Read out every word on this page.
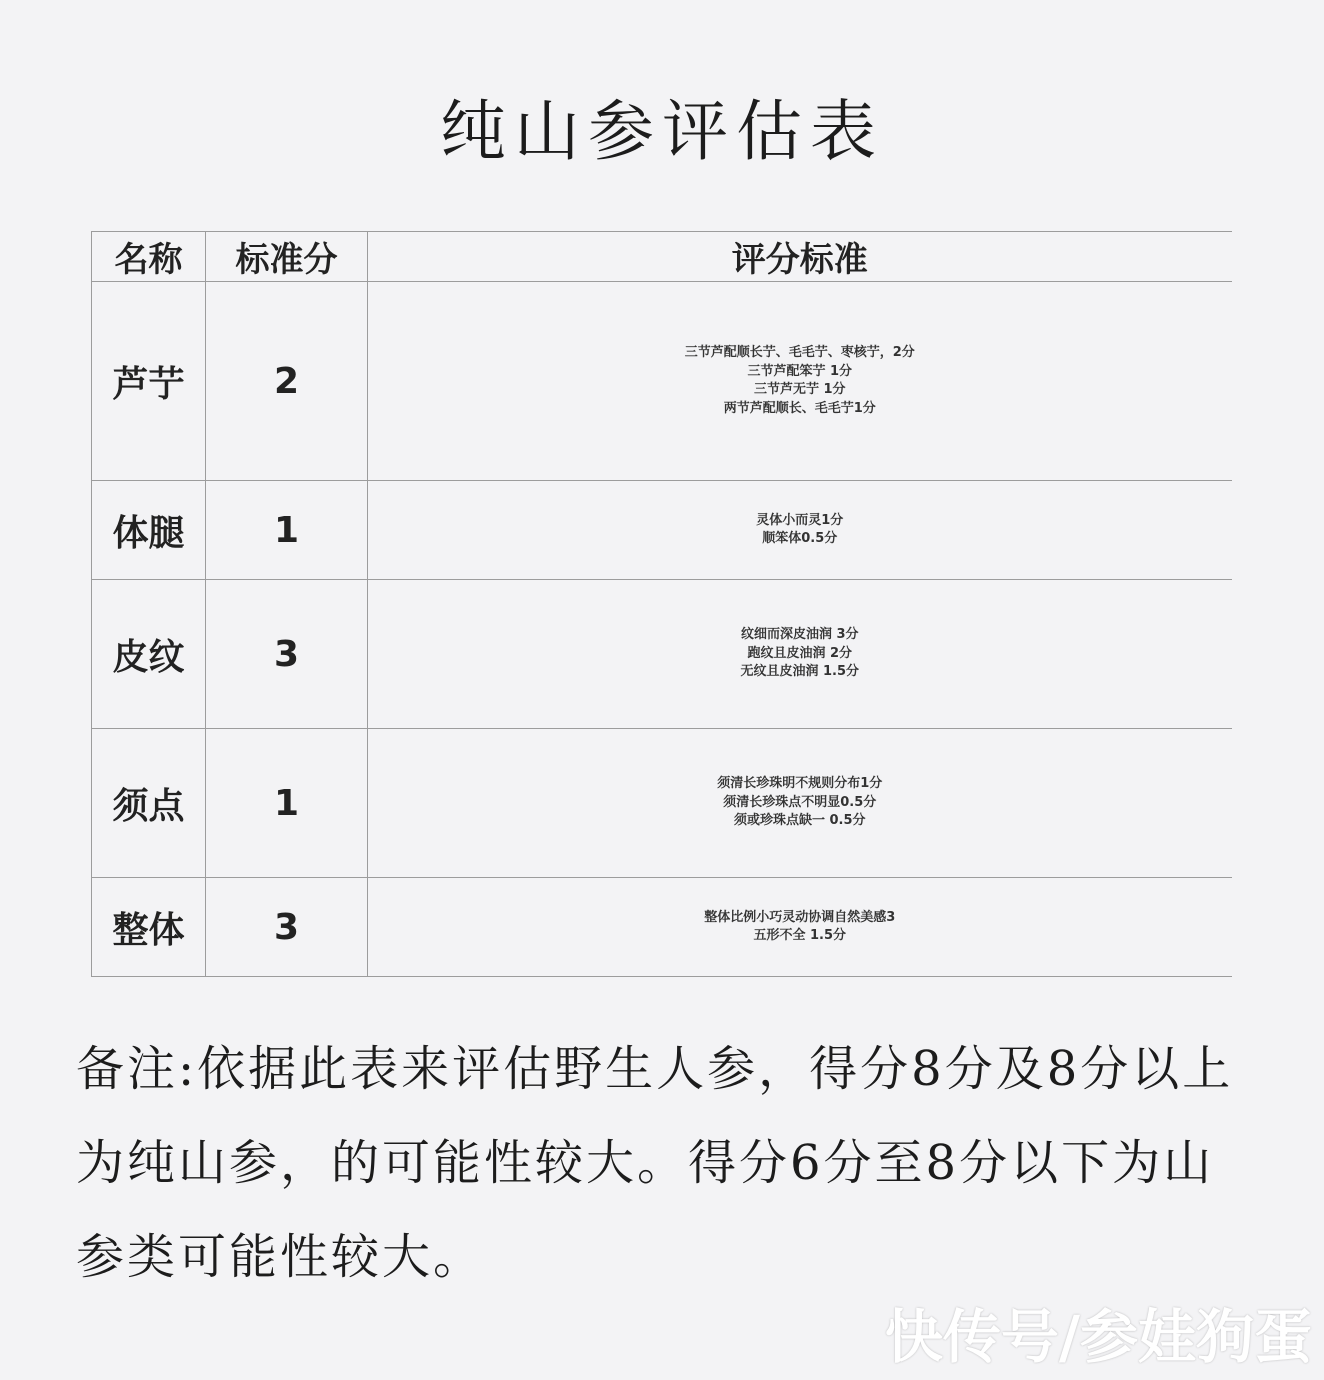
纯山参评估表
名称	标准分	评分标准
芦艼	2	三节芦配顺长艼、毛毛艼、枣核艼，2分
三节芦配笨艼 1分
三节芦无艼 1分
两节芦配顺长、毛毛艼1分

体腿	1	灵体小而灵1分
顺笨体0.5分

皮纹	3	纹细而深皮油润 3分
跑纹且皮油润 2分
无纹且皮油润 1.5分

须点	1	须清长珍珠明不规则分布1分
须清长珍珠点不明显0.5分
须或珍珠点缺一 0.5分

整体	3	整体比例小巧灵动协调自然美感3
五形不全 1.5分
备注:依据此表来评估野生人参，得分8分及8分以上为纯山参，的可能性较大。得分6分至8分以下为山参类可能性较大。
快传号/参娃狗蛋
